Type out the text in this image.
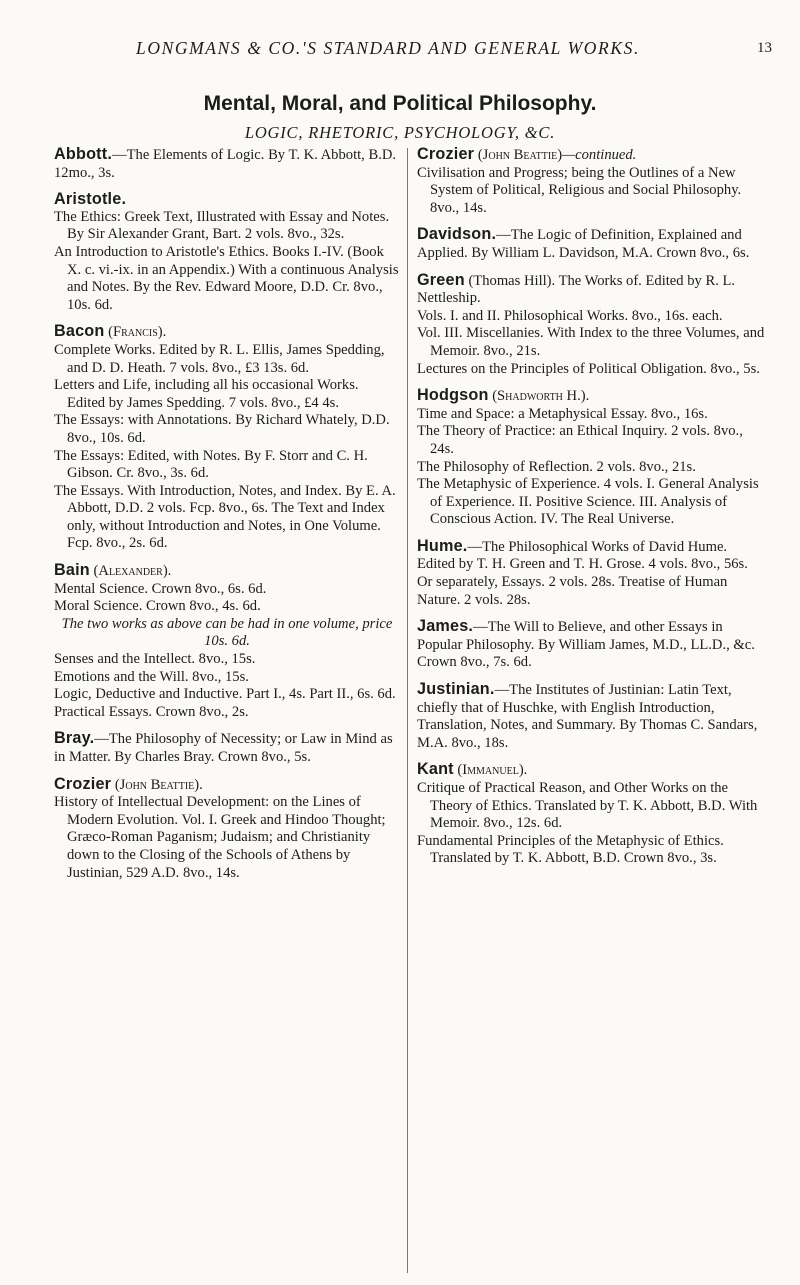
LONGMANS & CO.'S STANDARD AND GENERAL WORKS.	13
Mental, Moral, and Political Philosophy.
LOGIC, RHETORIC, PSYCHOLOGY, &C.
Abbott.—The Elements of Logic. By T. K. Abbott, B.D. 12mo., 3s.
Aristotle.
The Ethics: Greek Text, Illustrated with Essay and Notes. By Sir Alexander Grant, Bart. 2 vols. 8vo., 32s.
An Introduction to Aristotle's Ethics. Books I.-IV. (Book X. c. vi.-ix. in an Appendix.) With a continuous Analysis and Notes. By the Rev. Edward Moore, D.D. Cr. 8vo., 10s. 6d.
Bacon (Francis).
Complete Works. Edited by R. L. Ellis, James Spedding, and D. D. Heath. 7 vols. 8vo., £3 13s. 6d.
Letters and Life, including all his occasional Works. Edited by James Spedding. 7 vols. 8vo., £4 4s.
The Essays: with Annotations. By Richard Whately, D.D. 8vo., 10s. 6d.
The Essays: Edited, with Notes. By F. Storr and C. H. Gibson. Cr. 8vo., 3s. 6d.
The Essays. With Introduction, Notes, and Index. By E. A. Abbott, D.D. 2 vols. Fcp. 8vo., 6s. The Text and Index only, without Introduction and Notes, in One Volume. Fcp. 8vo., 2s. 6d.
Bain (Alexander).
Mental Science. Crown 8vo., 6s. 6d.
Moral Science. Crown 8vo., 4s. 6d.
The two works as above can be had in one volume, price 10s. 6d.
Senses and the Intellect. 8vo., 15s.
Emotions and the Will. 8vo., 15s.
Logic, Deductive and Inductive. Part I., 4s. Part II., 6s. 6d.
Practical Essays. Crown 8vo., 2s.
Bray.—The Philosophy of Necessity; or Law in Mind as in Matter. By Charles Bray. Crown 8vo., 5s.
Crozier (John Beattie).
History of Intellectual Development: on the Lines of Modern Evolution. Vol. I. Greek and Hindoo Thought; Græco-Roman Paganism; Judaism; and Christianity down to the Closing of the Schools of Athens by Justinian, 529 A.D. 8vo., 14s.
Crozier (John Beattie)—continued.
Civilisation and Progress; being the Outlines of a New System of Political, Religious and Social Philosophy. 8vo., 14s.
Davidson.—The Logic of Definition, Explained and Applied. By William L. Davidson, M.A. Crown 8vo., 6s.
Green (Thomas Hill). The Works of. Edited by R. L. Nettleship.
Vols. I. and II. Philosophical Works. 8vo., 16s. each.
Vol. III. Miscellanies. With Index to the three Volumes, and Memoir. 8vo., 21s.
Lectures on the Principles of Political Obligation. 8vo., 5s.
Hodgson (Shadworth H.).
Time and Space: a Metaphysical Essay. 8vo., 16s.
The Theory of Practice: an Ethical Inquiry. 2 vols. 8vo., 24s.
The Philosophy of Reflection. 2 vols. 8vo., 21s.
The Metaphysic of Experience. 4 vols. I. General Analysis of Experience. II. Positive Science. III. Analysis of Conscious Action. IV. The Real Universe.
Hume.—The Philosophical Works of David Hume. Edited by T. H. Green and T. H. Grose. 4 vols. 8vo., 56s. Or separately, Essays. 2 vols. 28s. Treatise of Human Nature. 2 vols. 28s.
James.—The Will to Believe, and other Essays in Popular Philosophy. By William James, M.D., LL.D., &c. Crown 8vo., 7s. 6d.
Justinian.—The Institutes of Justinian: Latin Text, chiefly that of Huschke, with English Introduction, Translation, Notes, and Summary. By Thomas C. Sandars, M.A. 8vo., 18s.
Kant (Immanuel).
Critique of Practical Reason, and Other Works on the Theory of Ethics. Translated by T. K. Abbott, B.D. With Memoir. 8vo., 12s. 6d.
Fundamental Principles of the Metaphysic of Ethics. Translated by T. K. Abbott, B.D. Crown 8vo., 3s.
